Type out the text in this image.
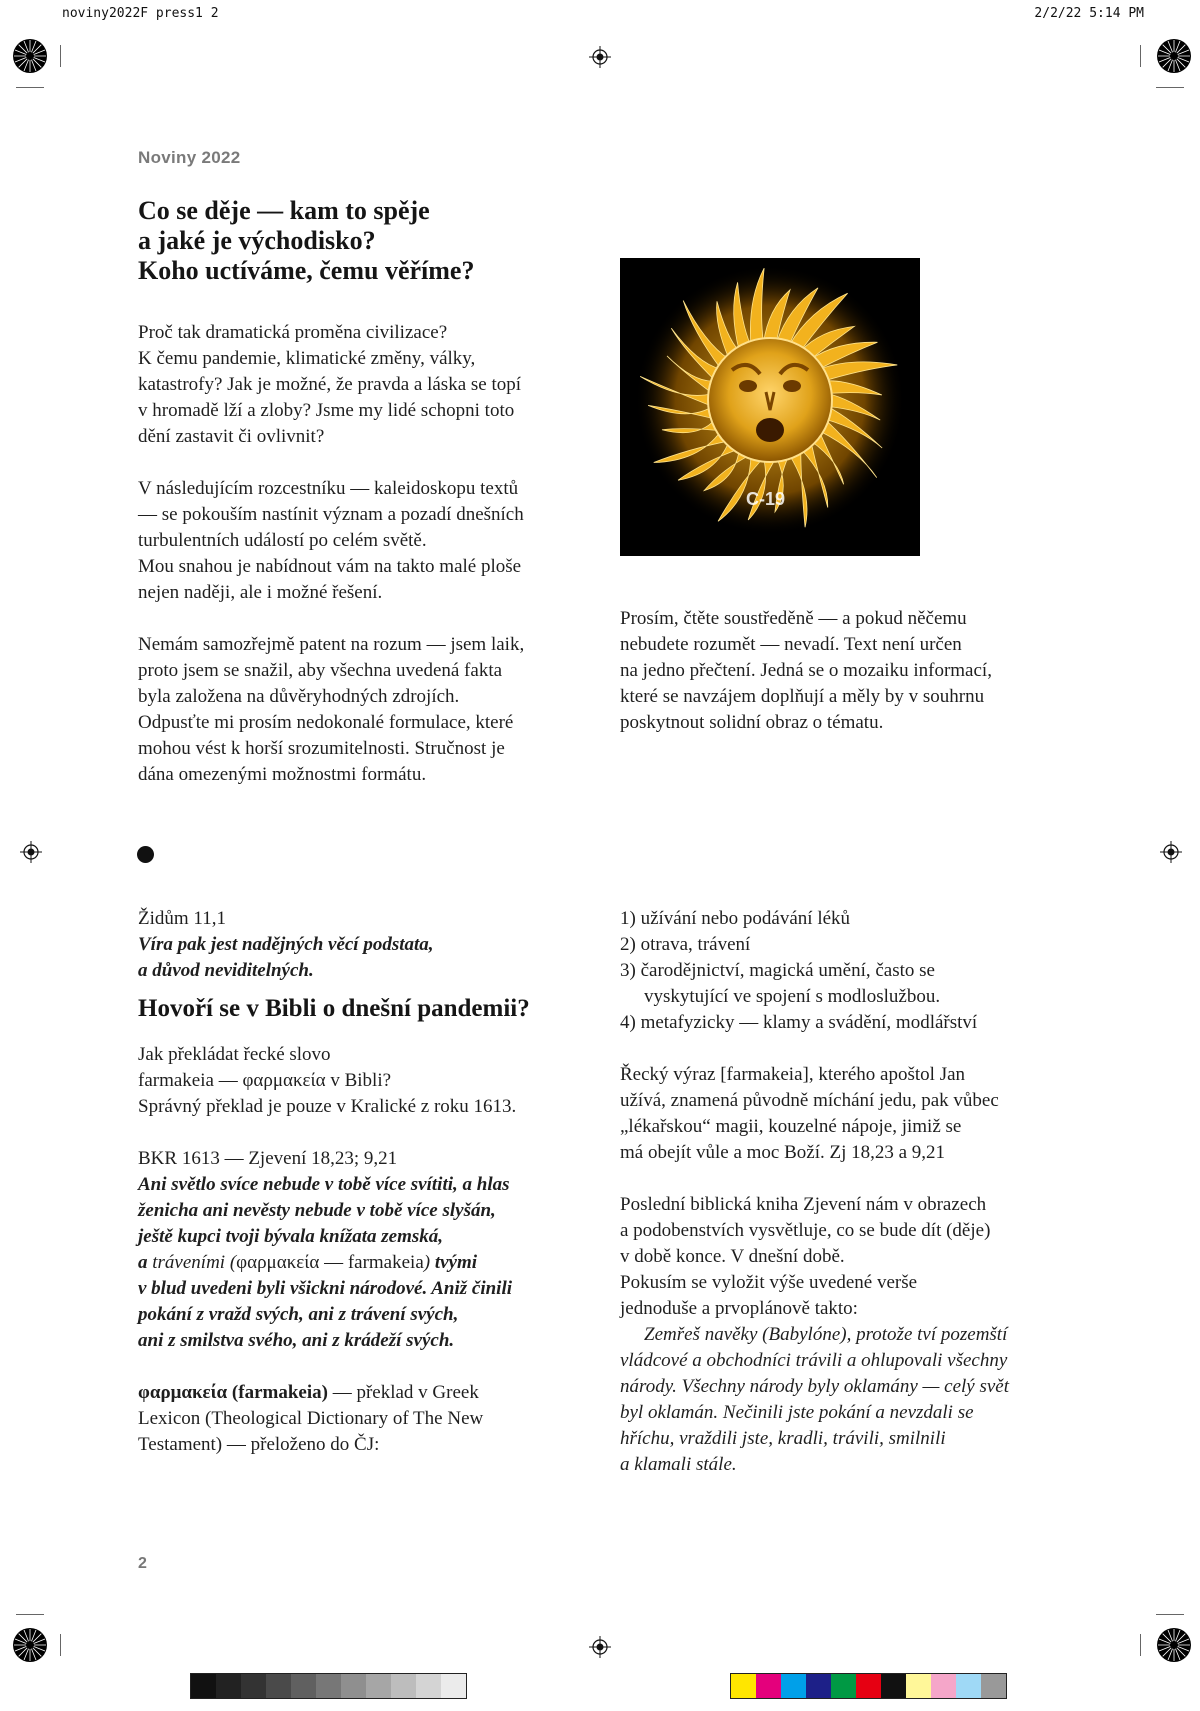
noviny2022F press1 2	2/2/22 5:14 PM
Noviny 2022
Co se děje — kam to spěje
a jaké je východisko?
Koho uctíváme, čemu věříme?

Proč tak dramatická proměna civilizace?
K čemu pandemie, klimatické změny, války,
katastrofy? Jak je možné, že pravda a láska se topí
v hromadě lží a zloby? Jsme my lidé schopni toto
dění zastavit či ovlivnit?

V následujícím rozcestníku — kaleidoskopu textů
— se pokouším nastínit význam a pozadí dnešních
turbulentních událostí po celém světě.
Mou snahou je nabídnout vám na takto malé ploše
nejen naději, ale i možné řešení.

Nemám samozřejmě patent na rozum — jsem laik,
proto jsem se snažil, aby všechna uvedená fakta
byla založena na důvěryhodných zdrojích.
Odpusťte mi prosím nedokonalé formulace, které
mohou vést k horší srozumitelnosti. Stručnost je
dána omezenými možnostmi formátu.

C-19

Prosím, čtěte soustředěně — a pokud něčemu
nebudete rozumět — nevadí. Text není určen
na jedno přečtení. Jedná se o mozaiku informací,
které se navzájem doplňují a měly by v souhrnu
poskytnout solidní obraz o tématu.

Židům 11,1

Víra pak jest nadějných věcí podstata,
a důvod neviditelných.

Hovoří se v Bibli o dnešní pandemii?

Jak překládat řecké slovo
farmakeia — φαρμακεία v Bibli?
Správný překlad je pouze v Kralické z roku 1613.

BKR 1613 — Zjevení 18,23; 9,21

Ani světlo svíce nebude v tobě více svítiti, a hlas
ženicha ani nevěsty nebude v tobě více slyšán,
ještě kupci tvoji bývala knížata zemská,
a tráveními (φαρμακεία — farmakeia) tvými
v blud uvedeni byli všickni národové. Aniž činili
pokání z vražd svých, ani z trávení svých,
ani z smilstva svého, ani z krádeží svých.

φαρμακεία (farmakeia) — překlad v Greek
Lexicon (Theological Dictionary of The New
Testament) — přeloženo do ČJ:

1) užívání nebo podávání léků
2) otrava, trávení
3) čarodějnictví, magická umění, často se
vyskytující ve spojení s modloslužbou.
4) metafyzicky — klamy a svádění, modlářství

Řecký výraz [farmakeia], kterého apoštol Jan
užívá, znamená původně míchání jedu, pak vůbec
„lékařskou“ magii, kouzelné nápoje, jimiž se
má obejít vůle a moc Boží. Zj 18,23 a 9,21

Poslední biblická kniha Zjevení nám v obrazech
a podobenstvích vysvětluje, co se bude dít (děje)
v době konce. V dnešní době.
Pokusím se vyložit výše uvedené verše
jednoduše a prvoplánově takto:

Zemřeš navěky (Babylóne), protože tví pozemští
vládcové a obchodníci trávili a ohlupovali všechny
národy. Všechny národy byly oklamány — celý svět
byl oklamán. Nečinili jste pokání a nevzdali se
hříchu, vraždili jste, kradli, trávili, smilnili
a klamali stále.

2
